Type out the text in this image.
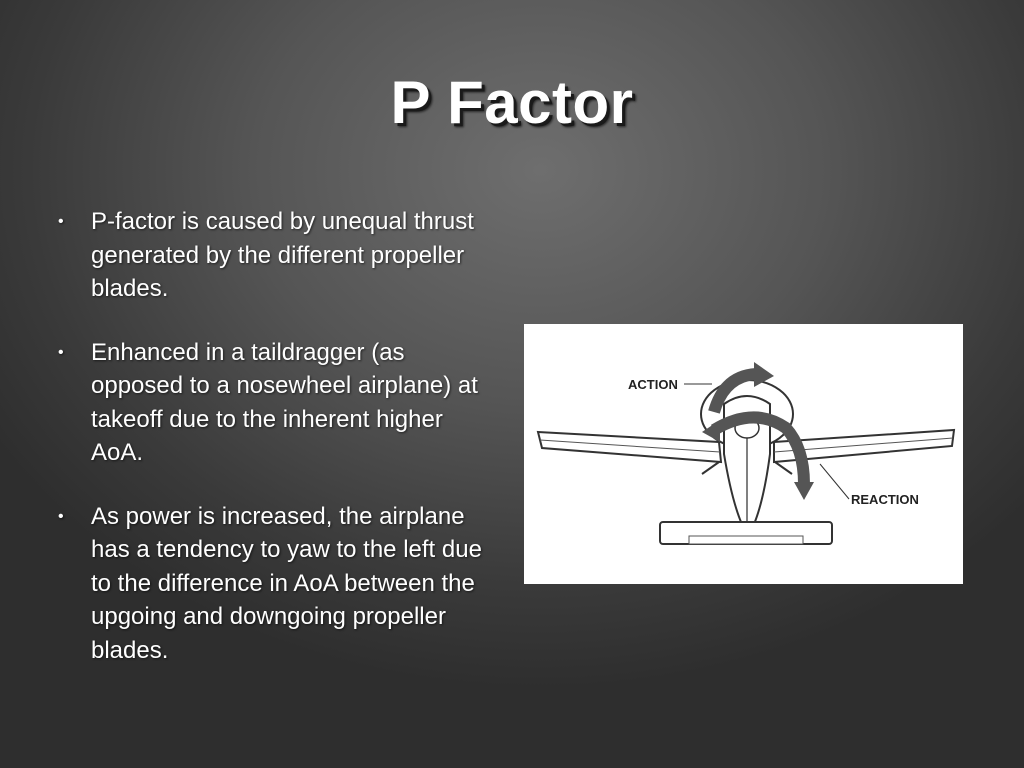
P Factor
• P-factor is caused by unequal thrust generated by the different propeller blades.
• Enhanced in a taildragger (as opposed to a nosewheel airplane) at takeoff due to the inherent higher AoA.
• As power is increased, the airplane has a tendency to yaw to the left due to the difference in AoA between the upgoing and downgoing propeller blades.
ACTION
REACTION
